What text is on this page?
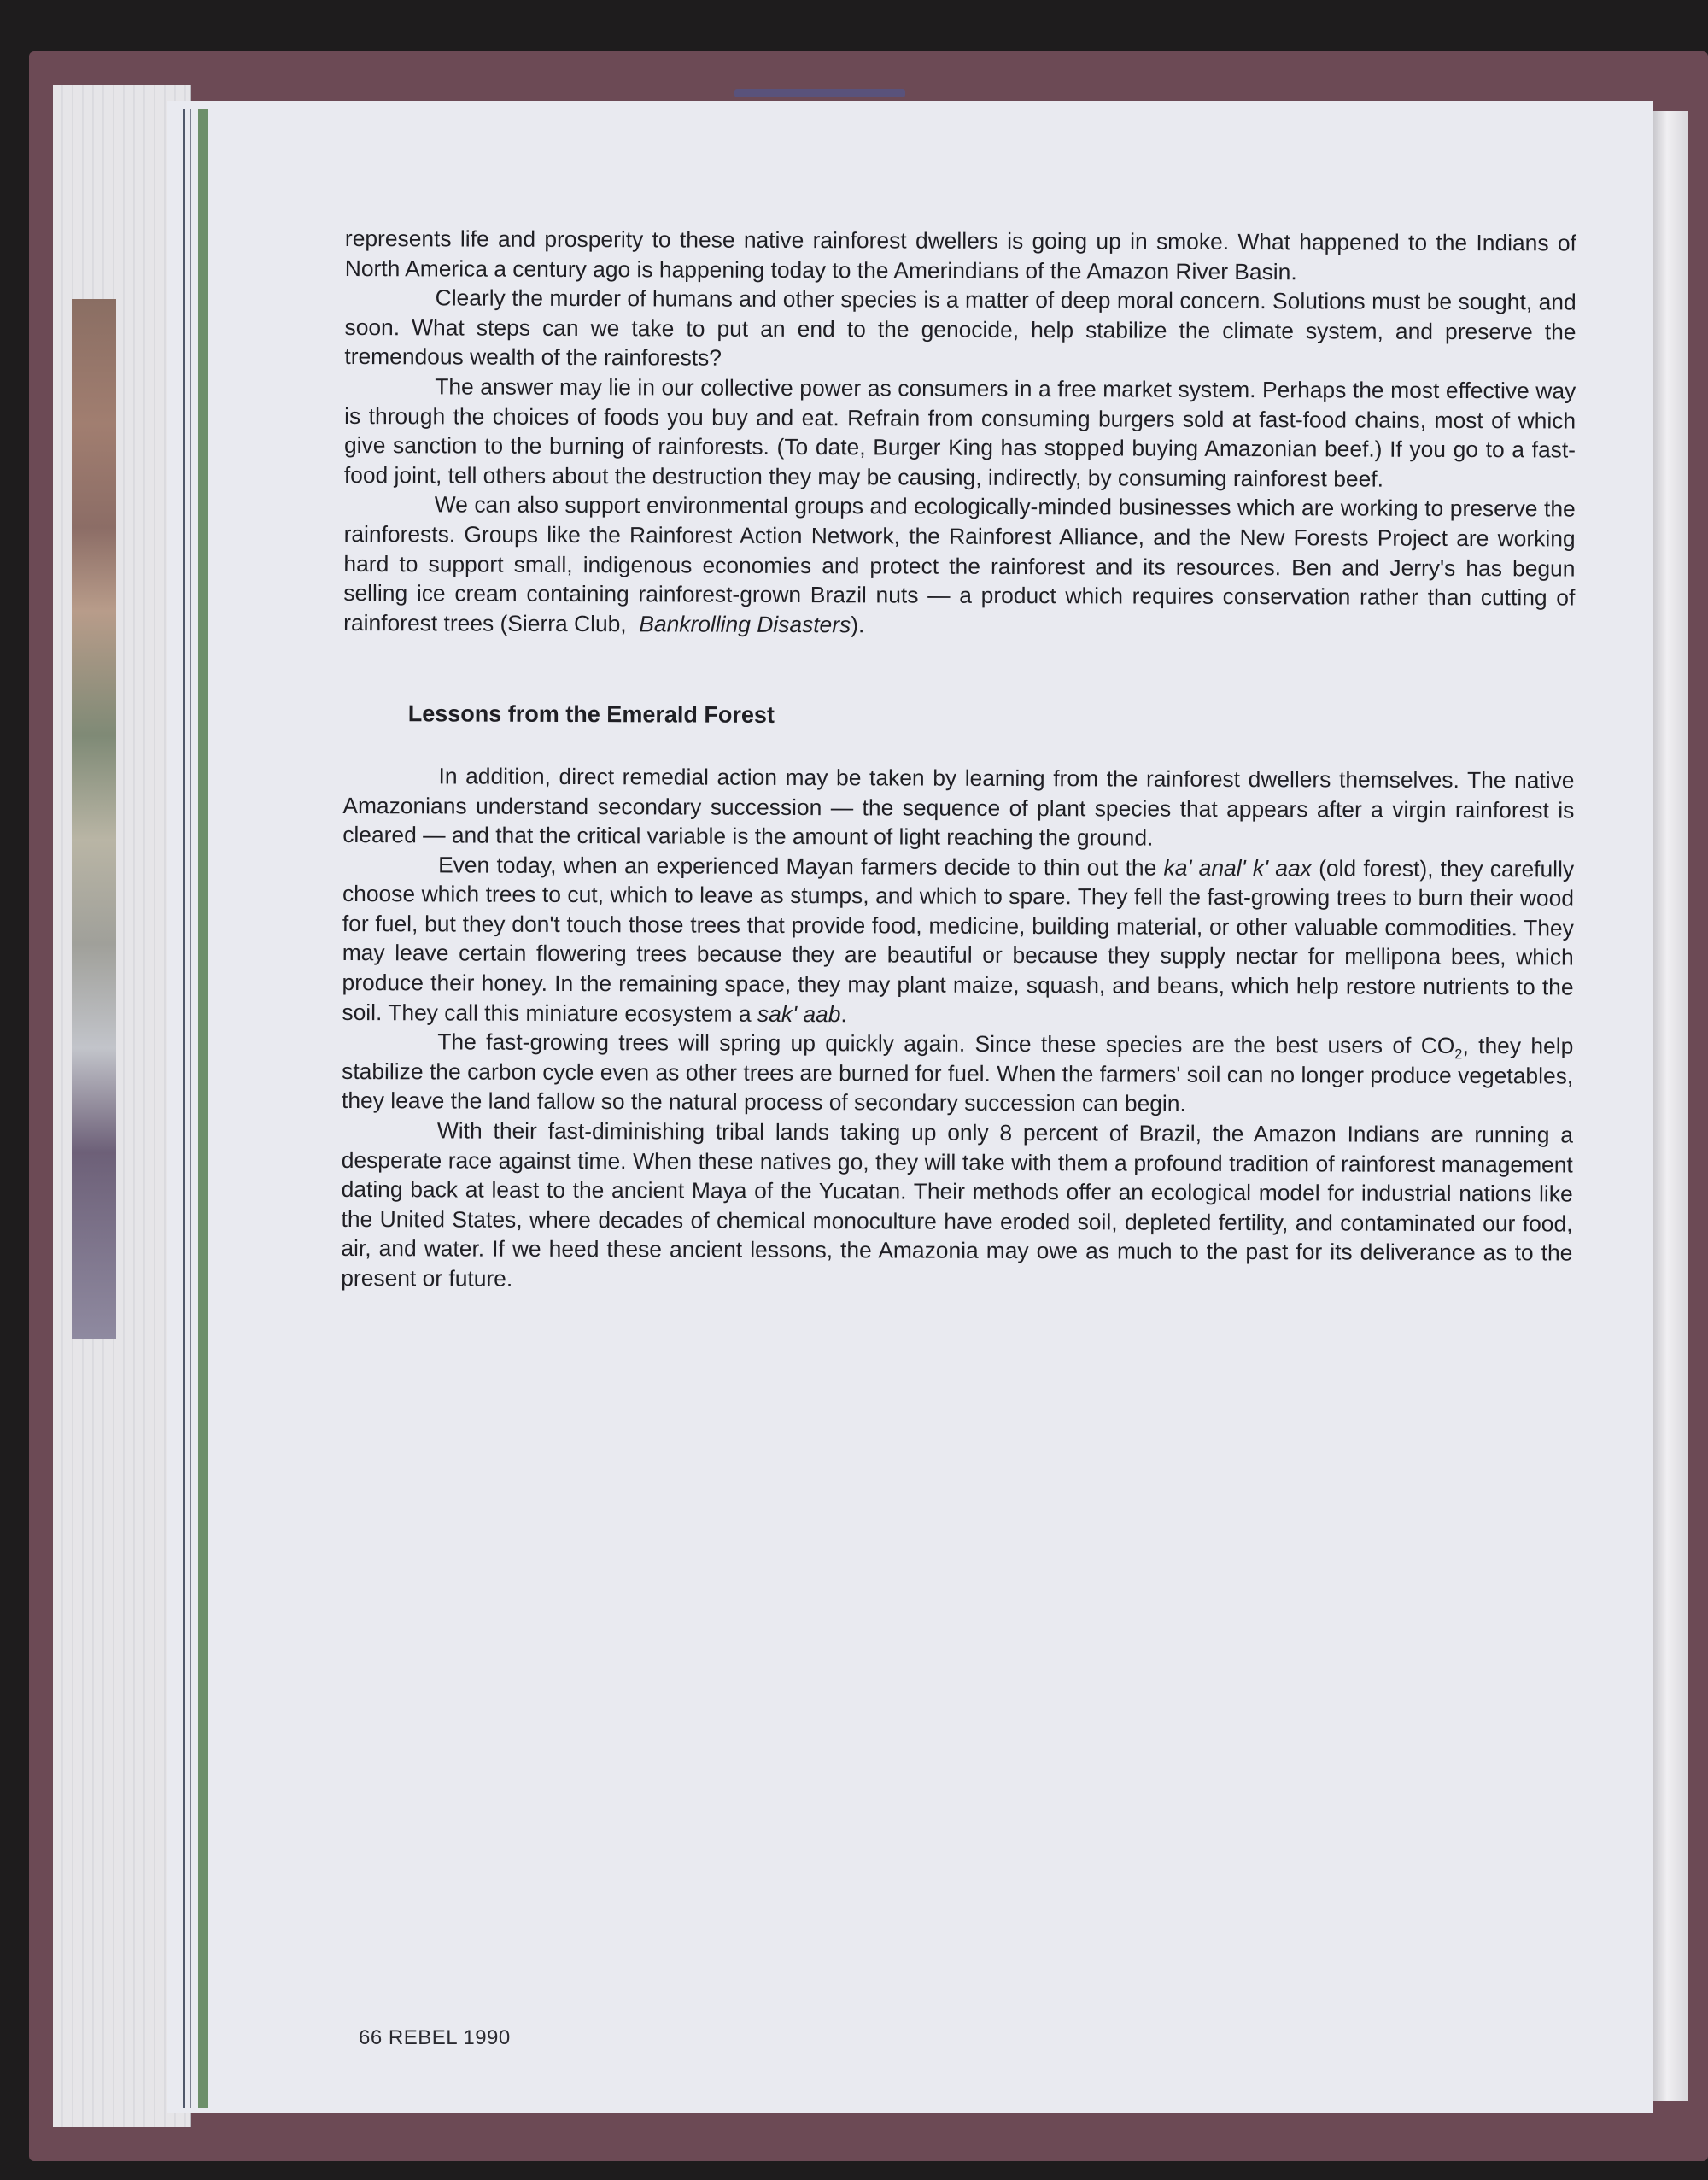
represents life and prosperity to these native rainforest dwellers is going up in smoke. What happened to the Indians of North America a century ago is happening today to the Amerindians of the Amazon River Basin.

Clearly the murder of humans and other species is a matter of deep moral concern. Solutions must be sought, and soon. What steps can we take to put an end to the genocide, help stabilize the climate system, and preserve the tremendous wealth of the rainforests?

The answer may lie in our collective power as consumers in a free market system. Perhaps the most effective way is through the choices of foods you buy and eat. Refrain from consuming burgers sold at fast-food chains, most of which give sanction to the burning of rainforests. (To date, Burger King has stopped buying Amazonian beef.) If you go to a fast-food joint, tell others about the destruction they may be causing, indirectly, by consuming rainforest beef.

We can also support environmental groups and ecologically-minded businesses which are working to preserve the rainforests. Groups like the Rainforest Action Network, the Rainforest Alliance, and the New Forests Project are working hard to support small, indigenous economies and protect the rainforest and its resources. Ben and Jerry's has begun selling ice cream containing rainforest-grown Brazil nuts — a product which requires conservation rather than cutting of rainforest trees (Sierra Club, Bankrolling Disasters).

Lessons from the Emerald Forest

In addition, direct remedial action may be taken by learning from the rainforest dwellers themselves. The native Amazonians understand secondary succession — the sequence of plant species that appears after a virgin rainforest is cleared — and that the critical variable is the amount of light reaching the ground.

Even today, when an experienced Mayan farmers decide to thin out the ka' anal' k' aax (old forest), they carefully choose which trees to cut, which to leave as stumps, and which to spare. They fell the fast-growing trees to burn their wood for fuel, but they don't touch those trees that provide food, medicine, building material, or other valuable commodities. They may leave certain flowering trees because they are beautiful or because they supply nectar for mellipona bees, which produce their honey. In the remaining space, they may plant maize, squash, and beans, which help restore nutrients to the soil. They call this miniature ecosystem a sak' aab.

The fast-growing trees will spring up quickly again. Since these species are the best users of $CO_2$, they help stabilize the carbon cycle even as other trees are burned for fuel. When the farmers' soil can no longer produce vegetables, they leave the land fallow so the natural process of secondary succession can begin.

With their fast-diminishing tribal lands taking up only 8 percent of Brazil, the Amazon Indians are running a desperate race against time. When these natives go, they will take with them a profound tradition of rainforest management dating back at least to the ancient Maya of the Yucatan. Their methods offer an ecological model for industrial nations like the United States, where decades of chemical monoculture have eroded soil, depleted fertility, and contaminated our food, air, and water. If we heed these ancient lessons, the Amazonia may owe as much to the past for its deliverance as to the present or future.

66 REBEL 1990
